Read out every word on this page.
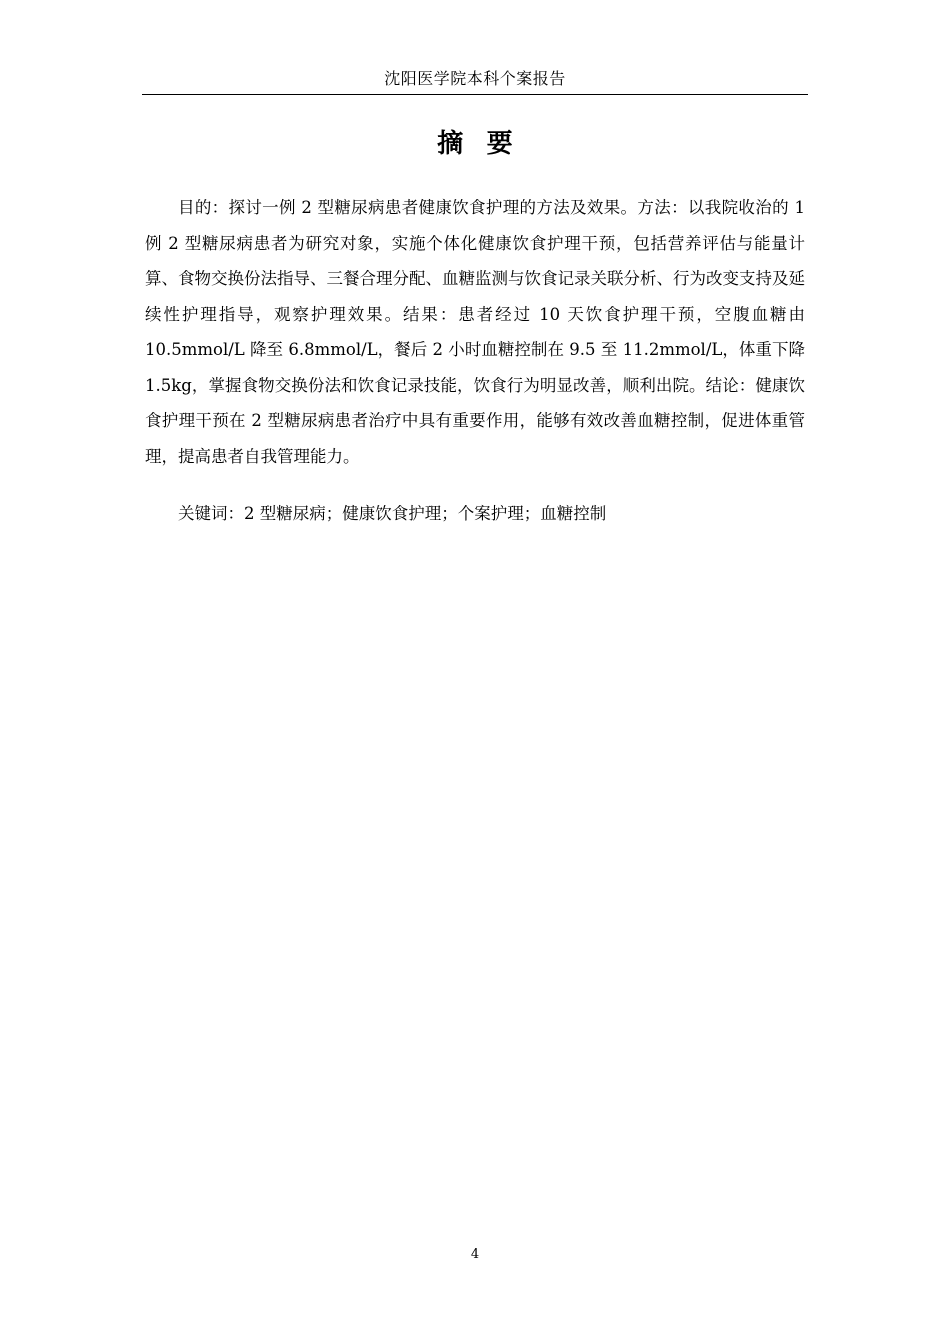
沈阳医学院本科个案报告
摘要

目的：探讨一例 2 型糖尿病患者健康饮食护理的方法及效果。方法：以我院收治的 1 例 2 型糖尿病患者为研究对象，实施个体化健康饮食护理干预，包括营养评估与能量计算、食物交换份法指导、三餐合理分配、血糖监测与饮食记录关联分析、行为改变支持及延续性护理指导，观察护理效果。结果：患者经过 10 天饮食护理干预，空腹血糖由 10.5mmol/L 降至 6.8mmol/L，餐后 2 小时血糖控制在 9.5 至 11.2mmol/L，体重下降 1.5kg，掌握食物交换份法和饮食记录技能，饮食行为明显改善，顺利出院。结论：健康饮食护理干预在 2 型糖尿病患者治疗中具有重要作用，能够有效改善血糖控制，促进体重管理，提高患者自我管理能力。

关键词：2 型糖尿病；健康饮食护理；个案护理；血糖控制

4
